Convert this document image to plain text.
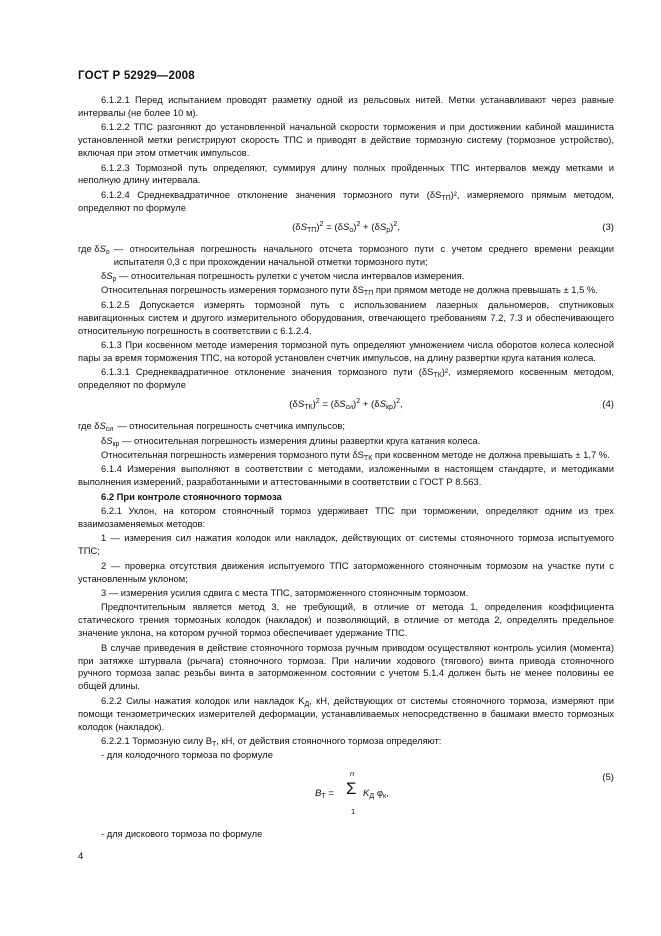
ГОСТ Р 52929—2008

6.1.2.1 Перед испытанием проводят разметку одной из рельсовых нитей. Метки устанавливают через равные интервалы (не более 10 м).

6.1.2.2 ТПС разгоняют до установленной начальной скорости торможения и при достижении кабиной машиниста установленной метки регистрируют скорость ТПС и приводят в действие тормозную систему (тормозное устройство), включая при этом отметчик импульсов.

6.1.2.3 Тормозной путь определяют, суммируя длину полных пройденных ТПС интервалов между метками и неполную длину интервала.

6.1.2.4 Среднеквадратичное отклонение значения тормозного пути $(\delta S_{ТП})^2$, измеряемого прямым методом, определяют по формуле

$(\delta S_{ТП})^2 = (\delta S_о)^2 + (\delta S_р)^2$,	(3)
где $\delta S_о$ — относительная погрешность начального отсчета тормозного пути с учетом среднего времени реакции испытателя 0,3 с при прохождении начальной отметки тормозного пути;
$\delta S_р$ — относительная погрешность рулетки с учетом числа интервалов измерения.

Относительная погрешность измерения тормозного пути $\delta S_{ТП}$ при прямом методе не должна превышать ± 1,5 %.

6.1.2.5 Допускается измерять тормозной путь с использованием лазерных дальномеров, спутниковых навигационных систем и другого измерительного оборудования, отвечающего требованиям 7.2, 7.3 и обеспечивающего относительную погрешность в соответствии с 6.1.2.4.

6.1.3 При косвенном методе измерения тормозной путь определяют умножением числа оборотов колеса колесной пары за время торможения ТПС, на которой установлен счетчик импульсов, на длину развертки круга катания колеса.

6.1.3.1 Среднеквадратичное отклонение значения тормозного пути $(\delta S_{ТК})^2$, измеряемого косвенным методом, определяют по формуле

$(\delta S_{ТК})^2 = (\delta S_{си})^2 + (\delta S_{кр})^2$,	(4)
где $\delta S_{си}$ — относительная погрешность счетчика импульсов;
$\delta S_{кр}$ — относительная погрешность измерения длины развертки круга катания колеса.

Относительная погрешность измерения тормозного пути $\delta S_{ТК}$ при косвенном методе не должна превышать ± 1,7 %.

6.1.4 Измерения выполняют в соответствии с методами, изложенными в настоящем стандарте, и методиками выполнения измерений, разработанными и аттестованными в соответствии с ГОСТ Р 8.563.

6.2 При контроле стояночного тормоза

6.2.1 Уклон, на котором стояночный тормоз удерживает ТПС при торможении, определяют одним из трех взаимозаменяемых методов:

1 — измерения сил нажатия колодок или накладок, действующих от системы стояночного тормоза испытуемого ТПС;

2 — проверка отсутствия движения испытуемого ТПС заторможенного стояночным тормозом на участке пути с установленным уклоном;

3 — измерения усилия сдвига с места ТПС, заторможенного стояночным тормозом.

Предпочтительным является метод 3, не требующий, в отличие от метода 1, определения коэффициента статического трения тормозных колодок (накладок) и позволяющий, в отличие от метода 2, определять предельное значение уклона, на котором ручной тормоз обеспечивает удержание ТПС.

В случае приведения в действие стояночного тормоза ручным приводом осуществляют контроль усилия (момента) при затяжке штурвала (рычага) стояночного тормоза. При наличии ходового (тягового) винта привода стояночного ручного тормоза запас резьбы винта в заторможенном состоянии с учетом 5.1.4 должен быть не менее половины ее общей длины.

6.2.2 Силы нажатия колодок или накладок $K_Д$, кН, действующих от системы стояночного тормоза, измеряют при помощи тензометрических измерителей деформации, устанавливаемых непосредственно в башмаки вместо тормозных колодок (накладок).

6.2.2.1 Тормозную силу $B_Т$, кН, от действия стояночного тормоза определяют:

- для колодочного тормоза по формуле

$B_Т$ =
n
Σ
1
$K_Д$ $\varphi_к$,
(5)

- для дискового тормоза по формуле

4
